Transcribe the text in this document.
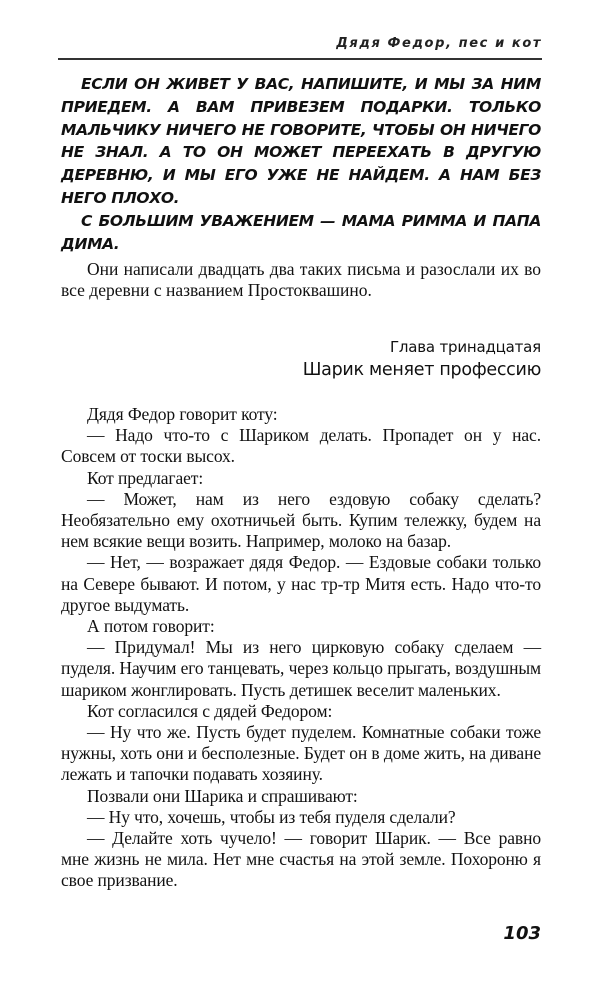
Дядя Федор, пес и кот

ЕСЛИ ОН ЖИВЕТ У ВАС, НАПИШИТЕ, И МЫ ЗА НИМ ПРИЕДЕМ. А ВАМ ПРИВЕЗЕМ ПОДАРКИ. ТОЛЬКО МАЛЬЧИКУ НИЧЕГО НЕ ГОВОРИТЕ, ЧТОБЫ ОН НИЧЕГО НЕ ЗНАЛ. А ТО ОН МОЖЕТ ПЕРЕЕХАТЬ В ДРУГУЮ ДЕРЕВНЮ, И МЫ ЕГО УЖЕ НЕ НАЙДЕМ. А НАМ БЕЗ НЕГО ПЛОХО.

С БОЛЬШИМ УВАЖЕНИЕМ — МАМА РИММА И ПАПА ДИМА.

Они написали двадцать два таких письма и разослали их во все деревни с названием Простоквашино.

Глава тринадцатая
Шарик меняет профессию

Дядя Федор говорит коту:

— Надо что-то с Шариком делать. Пропадет он у нас. Совсем от тоски высох.

Кот предлагает:

— Может, нам из него ездовую собаку сделать? Необязательно ему охотничьей быть. Купим тележку, будем на нем всякие вещи возить. Например, молоко на базар.

— Нет, — возражает дядя Федор. — Ездовые собаки только на Севере бывают. И потом, у нас тр-тр Митя есть. Надо что-то другое выдумать.

А потом говорит:

— Придумал! Мы из него цирковую собаку сделаем — пуделя. Научим его танцевать, через кольцо прыгать, воздушным шариком жонглировать. Пусть детишек веселит маленьких.

Кот согласился с дядей Федором:

— Ну что же. Пусть будет пуделем. Комнатные собаки тоже нужны, хоть они и бесполезные. Будет он в доме жить, на диване лежать и тапочки подавать хозяину.

Позвали они Шарика и спрашивают:

— Ну что, хочешь, чтобы из тебя пуделя сделали?

— Делайте хоть чучело! — говорит Шарик. — Все равно мне жизнь не мила. Нет мне счастья на этой земле. Похороню я свое призвание.

103
